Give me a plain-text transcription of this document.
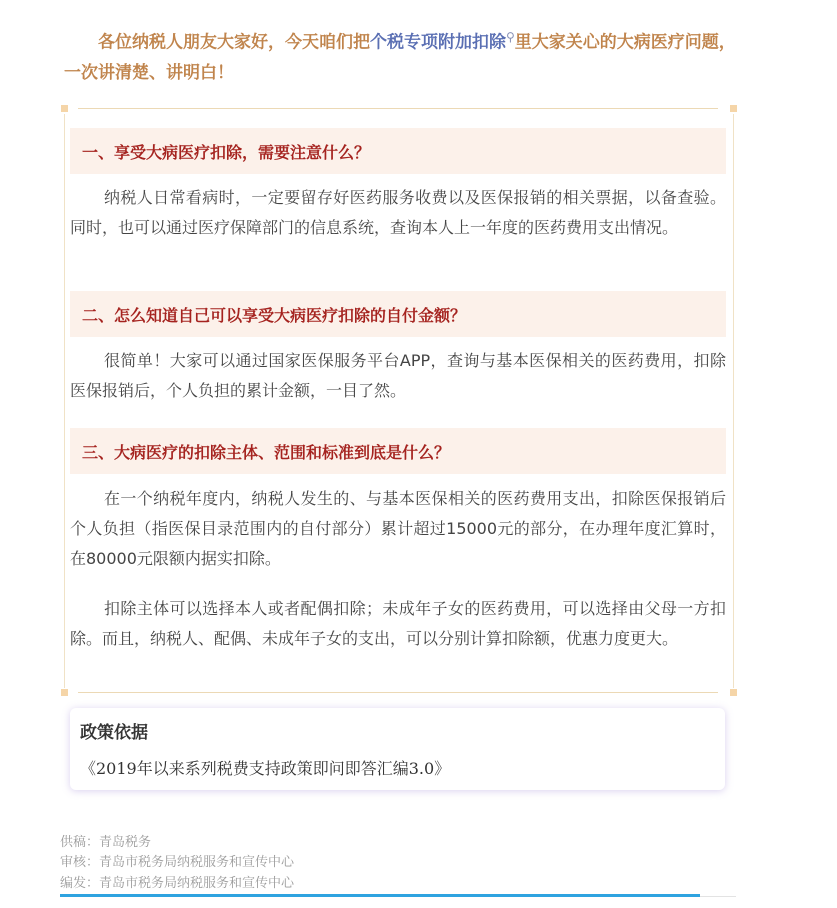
各位纳税人朋友大家好，今天咱们把个税专项附加扣除⚲里大家关心的大病医疗问题，一次讲清楚、讲明白！

一、享受大病医疗扣除，需要注意什么？

纳税人日常看病时，一定要留存好医药服务收费以及医保报销的相关票据，以备查验。同时，也可以通过医疗保障部门的信息系统，查询本人上一年度的医药费用支出情况。

二、怎么知道自己可以享受大病医疗扣除的自付金额？

很简单！大家可以通过国家医保服务平台APP，查询与基本医保相关的医药费用，扣除医保报销后，个人负担的累计金额，一目了然。

三、大病医疗的扣除主体、范围和标准到底是什么？

在一个纳税年度内，纳税人发生的、与基本医保相关的医药费用支出，扣除医保报销后个人负担（指医保目录范围内的自付部分）累计超过15000元的部分，在办理年度汇算时，在80000元限额内据实扣除。

扣除主体可以选择本人或者配偶扣除；未成年子女的医药费用，可以选择由父母一方扣除。而且，纳税人、配偶、未成年子女的支出，可以分别计算扣除额，优惠力度更大。

政策依据
《2019年以来系列税费支持政策即问即答汇编3.0》

供稿：青岛税务

审核：青岛市税务局纳税服务和宣传中心

编发：青岛市税务局纳税服务和宣传中心
